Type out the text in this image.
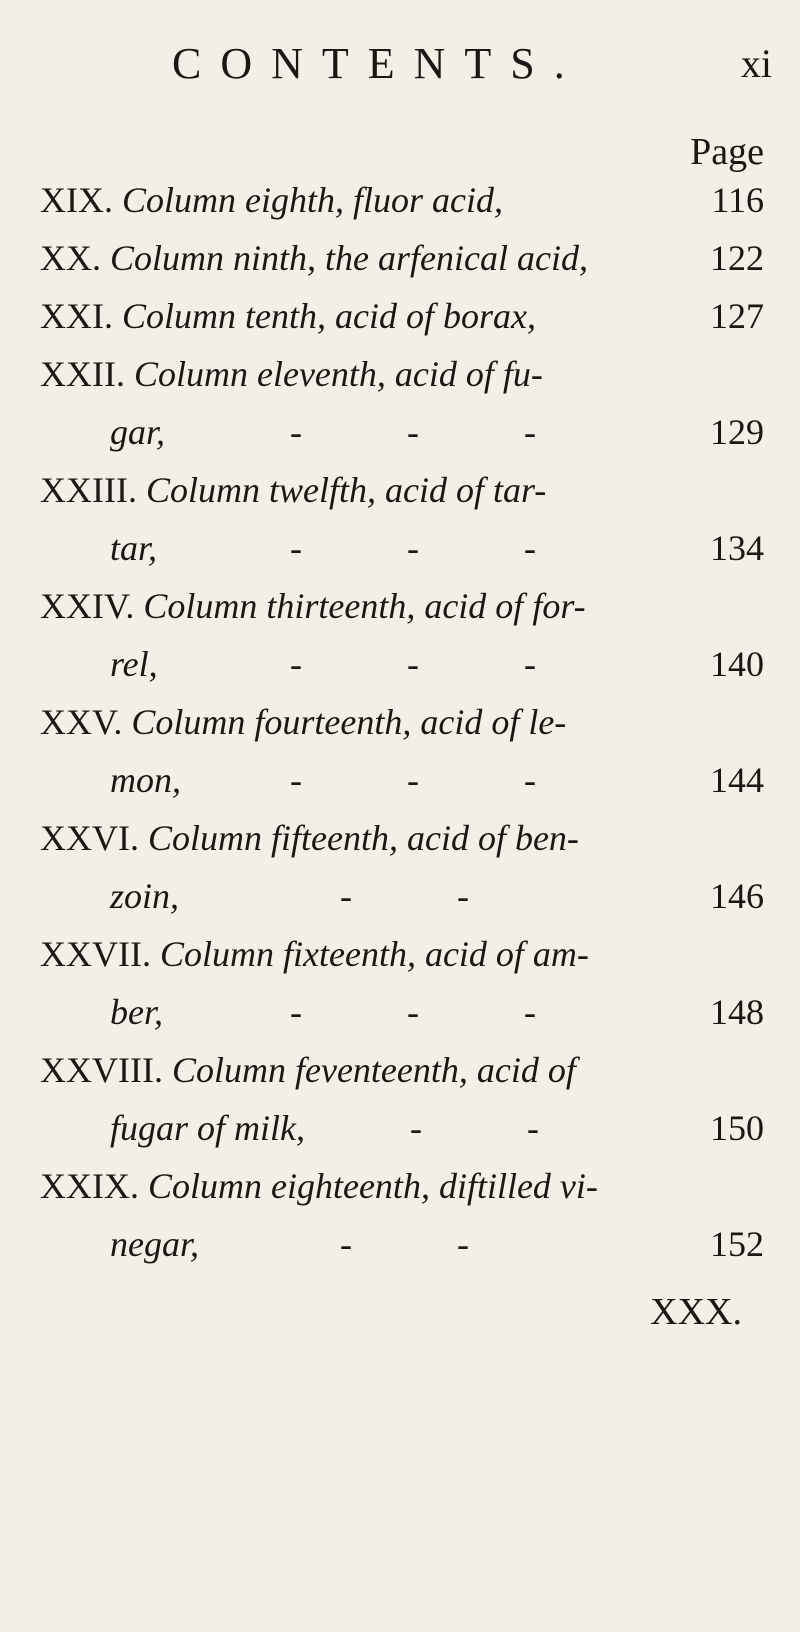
CONTENTS.	xi
Page
XIX. Column eighth, fluor acid,	116
XX. Column ninth, the arfenical acid,	122
XXI. Column tenth, acid of borax,	127
XXII. Column eleventh, acid of fu-
gar,	- - -	129
XXIII. Column twelfth, acid of tar-
tar,	- - -	134
XXIV. Column thirteenth, acid of for-
rel,	- - -	140
XXV. Column fourteenth, acid of le-
mon,	- - -	144
XXVI. Column fifteenth, acid of ben-
zoin,	- -	146
XXVII. Column fixteenth, acid of am-
ber,	- - -	148
XXVIII. Column feventeenth, acid of
fugar of milk,	- -	150
XXIX. Column eighteenth, diftilled vi-
negar,	- -	152
XXX.
